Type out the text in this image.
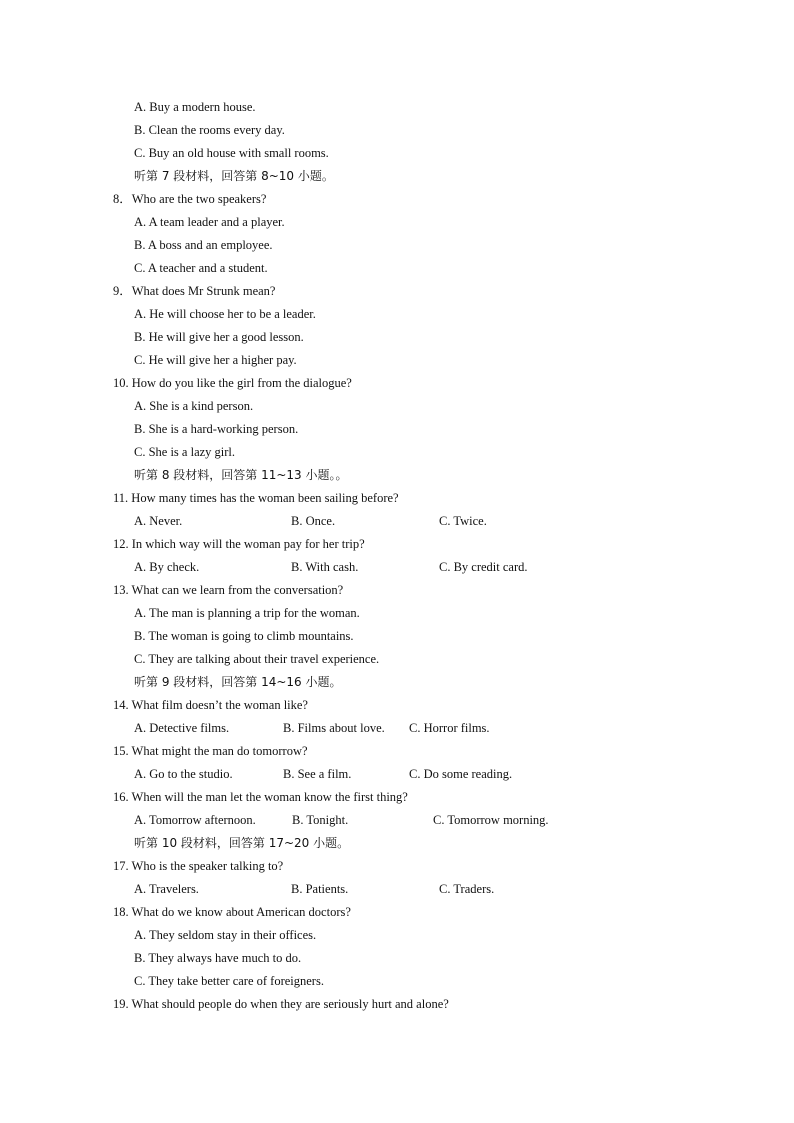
A. Buy a modern house.
B. Clean the rooms every day.
C. Buy an old house with small rooms.
听第 7 段材料，回答第 8~10 小题。
8．Who are the two speakers?
A. A team leader and a player.
B. A boss and an employee.
C. A teacher and a student.
9．What does Mr Strunk mean?
A. He will choose her to be a leader.
B. He will give her a good lesson.
C. He will give her a higher pay.
10. How do you like the girl from the dialogue?
A. She is a kind person.
B. She is a hard-working person.
C. She is a lazy girl.
听第 8 段材料，回答第 11~13 小题。。
11. How many times has the woman been sailing before?
A. Never.	B. Once.	C. Twice.
12. In which way will the woman pay for her trip?
A. By check.	B. With cash.	C. By credit card.
13. What can we learn from the conversation?
A. The man is planning a trip for the woman.
B. The woman is going to climb mountains.
C. They are talking about their travel experience.
听第 9 段材料，回答第 14~16 小题。
14. What film doesn’t the woman like?
A. Detective films.	B. Films about love.	C. Horror films.
15. What might the man do tomorrow?
A. Go to the studio.	B. See a film.	C. Do some reading.
16. When will the man let the woman know the first thing?
A. Tomorrow afternoon.	B. Tonight.	C. Tomorrow morning.
听第 10 段材料，回答第 17~20 小题。
17. Who is the speaker talking to?
A. Travelers.	B. Patients.	C. Traders.
18. What do we know about American doctors?
A. They seldom stay in their offices.
B. They always have much to do.
C. They take better care of foreigners.
19. What should people do when they are seriously hurt and alone?
